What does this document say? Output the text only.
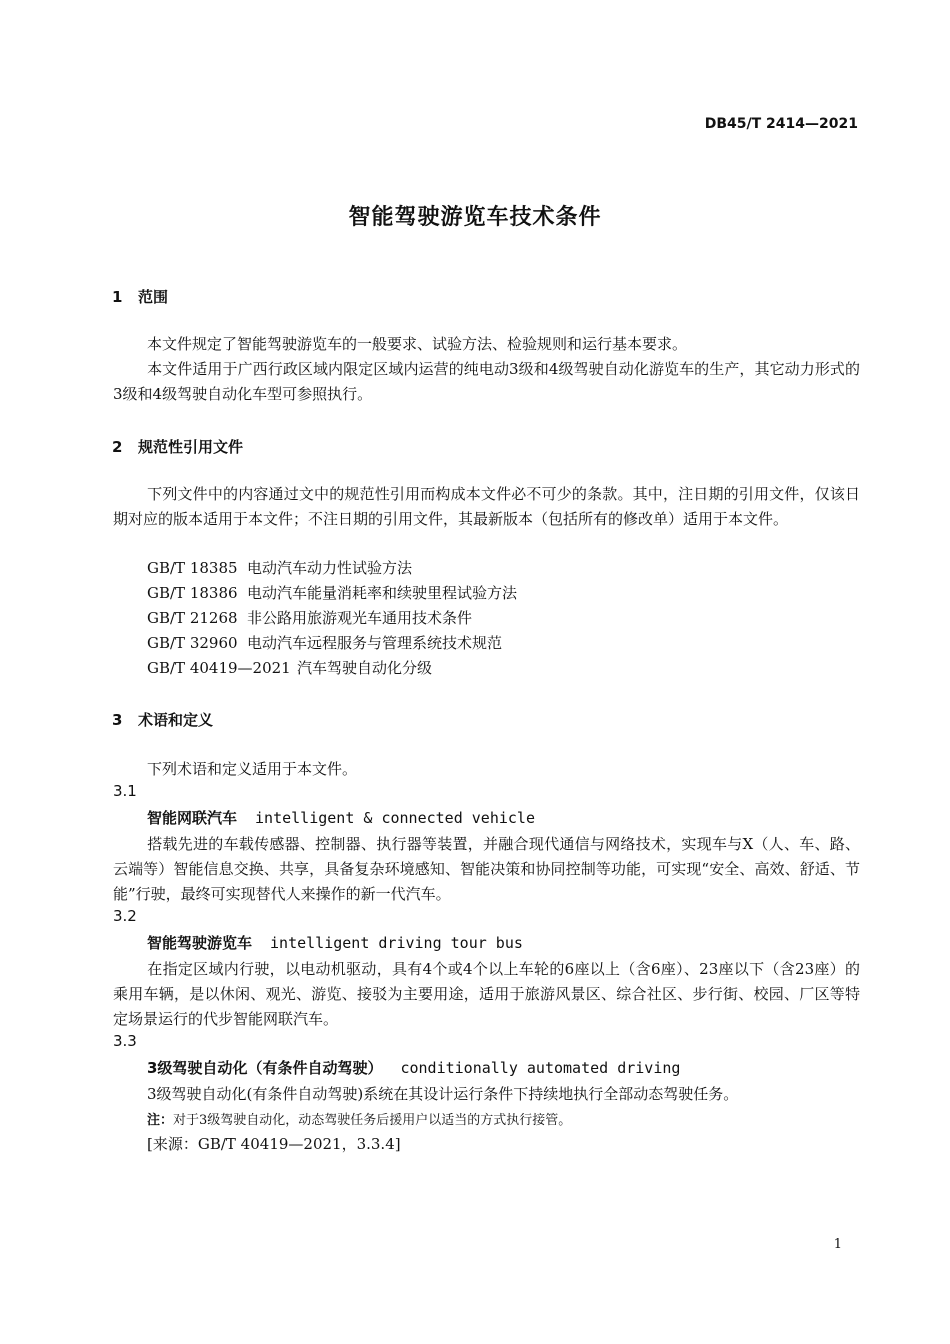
DB45/T 2414—2021
智能驾驶游览车技术条件
1 范围
本文件规定了智能驾驶游览车的一般要求、试验方法、检验规则和运行基本要求。
本文件适用于广西行政区域内限定区域内运营的纯电动3级和4级驾驶自动化游览车的生产，其它动力形式的3级和4级驾驶自动化车型可参照执行。
2 规范性引用文件
下列文件中的内容通过文中的规范性引用而构成本文件必不可少的条款。其中，注日期的引用文件，仅该日期对应的版本适用于本文件；不注日期的引用文件，其最新版本（包括所有的修改单）适用于本文件。
GB/T 18385 电动汽车动力性试验方法
GB/T 18386 电动汽车能量消耗率和续驶里程试验方法
GB/T 21268 非公路用旅游观光车通用技术条件
GB/T 32960 电动汽车远程服务与管理系统技术规范
GB/T 40419—2021 汽车驾驶自动化分级
3 术语和定义
下列术语和定义适用于本文件。
3.1
智能网联汽车 intelligent & connected vehicle
搭载先进的车载传感器、控制器、执行器等装置，并融合现代通信与网络技术，实现车与X（人、车、路、云端等）智能信息交换、共享，具备复杂环境感知、智能决策和协同控制等功能，可实现“安全、高效、舒适、节能”行驶，最终可实现替代人来操作的新一代汽车。
3.2
智能驾驶游览车 intelligent driving tour bus
在指定区域内行驶，以电动机驱动，具有4个或4个以上车轮的6座以上（含6座）、23座以下（含23座）的乘用车辆，是以休闲、观光、游览、接驳为主要用途，适用于旅游风景区、综合社区、步行街、校园、厂区等特定场景运行的代步智能网联汽车。
3.3
3级驾驶自动化（有条件自动驾驶） conditionally automated driving
3级驾驶自动化(有条件自动驾驶)系统在其设计运行条件下持续地执行全部动态驾驶任务。
注：对于3级驾驶自动化，动态驾驶任务后援用户以适当的方式执行接管。
[来源：GB/T 40419—2021，3.3.4]
1
